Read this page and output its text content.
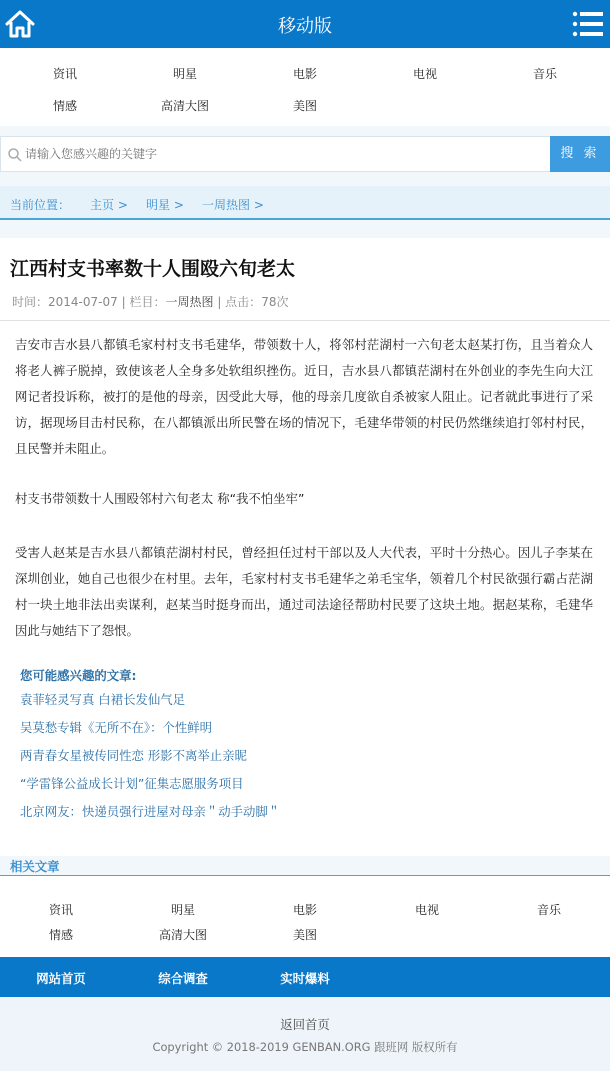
移动版
资讯	明星	电影	电视	音乐
情感	高清大图	美图
请输入您感兴趣的关键字
搜 索
当前位置： 主页 > 明星 > 一周热图 >
江西村支书率数十人围殴六旬老太
时间：2014-07-07 | 栏目：一周热图 | 点击：78次

吉安市吉水县八都镇毛家村村支书毛建华，带领数十人，将邻村茫湖村一六旬老太赵某打伤，且当着众人将老人裤子脱掉，致使该老人全身多处软组织挫伤。近日，吉水县八都镇茫湖村在外创业的李先生向大江网记者投诉称，被打的是他的母亲，因受此大辱，他的母亲几度欲自杀被家人阻止。记者就此事进行了采访，据现场目击村民称，在八都镇派出所民警在场的情况下，毛建华带领的村民仍然继续追打邻村村民，且民警并未阻止。

村支书带领数十人围殴邻村六旬老太 称“我不怕坐牢”

受害人赵某是吉水县八都镇茫湖村村民，曾经担任过村干部以及人大代表，平时十分热心。因儿子李某在深圳创业，她自己也很少在村里。去年，毛家村村支书毛建华之弟毛宝华，领着几个村民欲强行霸占茫湖村一块土地非法出卖谋利，赵某当时挺身而出，通过司法途径帮助村民要了这块土地。据赵某称，毛建华因此与她结下了怨恨。

您可能感兴趣的文章:
袁菲轻灵写真 白裙长发仙气足
吴莫愁专辑《无所不在》：个性鲜明
两青春女星被传同性恋 形影不离举止亲昵
“学雷锋公益成长计划”征集志愿服务项目
北京网友：快递员强行进屋对母亲＂动手动脚＂
相关文章
资讯	明星	电影	电视	音乐
情感	高清大图	美图
网站首页	综合调查	实时爆料
返回首页
Copyright © 2018-2019 GENBAN.ORG 跟班网 版权所有
